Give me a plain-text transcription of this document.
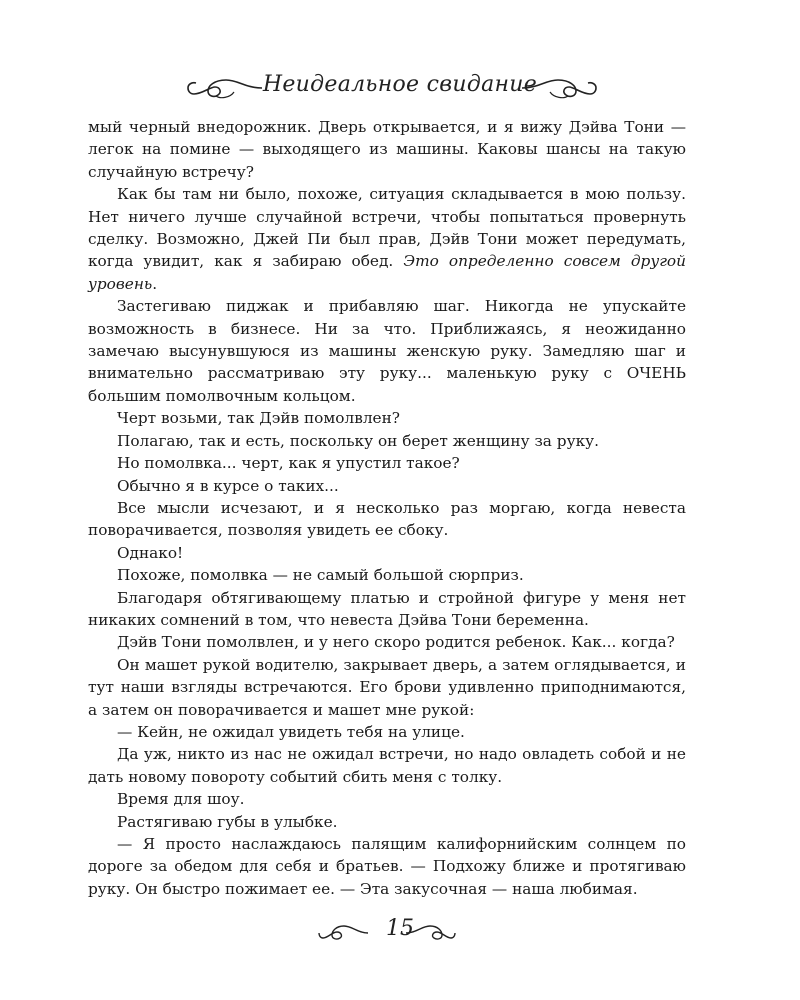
Неидеальное свидание

мый черный внедорожник. Дверь открывается, и я вижу Дэйва Тони — легок на помине — выходящего из машины. Каковы шансы на такую случайную встречу?

Как бы там ни было, похоже, ситуация складывается в мою пользу. Нет ничего лучше случайной встречи, чтобы попытаться провернуть сделку. Возможно, Джей Пи был прав, Дэйв Тони может передумать, когда увидит, как я забираю обед. Это определенно совсем другой уровень.

Застегиваю пиджак и прибавляю шаг. Никогда не упускайте возможность в бизнесе. Ни за что. Приближаясь, я неожиданно замечаю высунувшуюся из машины женскую руку. Замедляю шаг и внимательно рассматриваю эту руку... маленькую руку с ОЧЕНЬ большим помолвочным кольцом.

Черт возьми, так Дэйв помолвлен?

Полагаю, так и есть, поскольку он берет женщину за руку.

Но помолвка... черт, как я упустил такое?

Обычно я в курсе о таких...

Все мысли исчезают, и я несколько раз моргаю, когда невеста поворачивается, позволяя увидеть ее сбоку.

Однако!

Похоже, помолвка — не самый большой сюрприз.

Благодаря обтягивающему платью и стройной фигуре у меня нет никаких сомнений в том, что невеста Дэйва Тони беременна.

Дэйв Тони помолвлен, и у него скоро родится ребенок. Как... когда?

Он машет рукой водителю, закрывает дверь, а затем оглядывается, и тут наши взгляды встречаются. Его брови удивленно приподнимаются, а затем он поворачивается и машет мне рукой:

— Кейн, не ожидал увидеть тебя на улице.

Да уж, никто из нас не ожидал встречи, но надо овладеть собой и не дать новому повороту событий сбить меня с толку.

Время для шоу.

Растягиваю губы в улыбке.

— Я просто наслаждаюсь палящим калифорнийским солнцем по дороге за обедом для себя и братьев. — Подхожу ближе и протягиваю руку. Он быстро пожимает ее. — Эта закусочная — наша любимая.

15
